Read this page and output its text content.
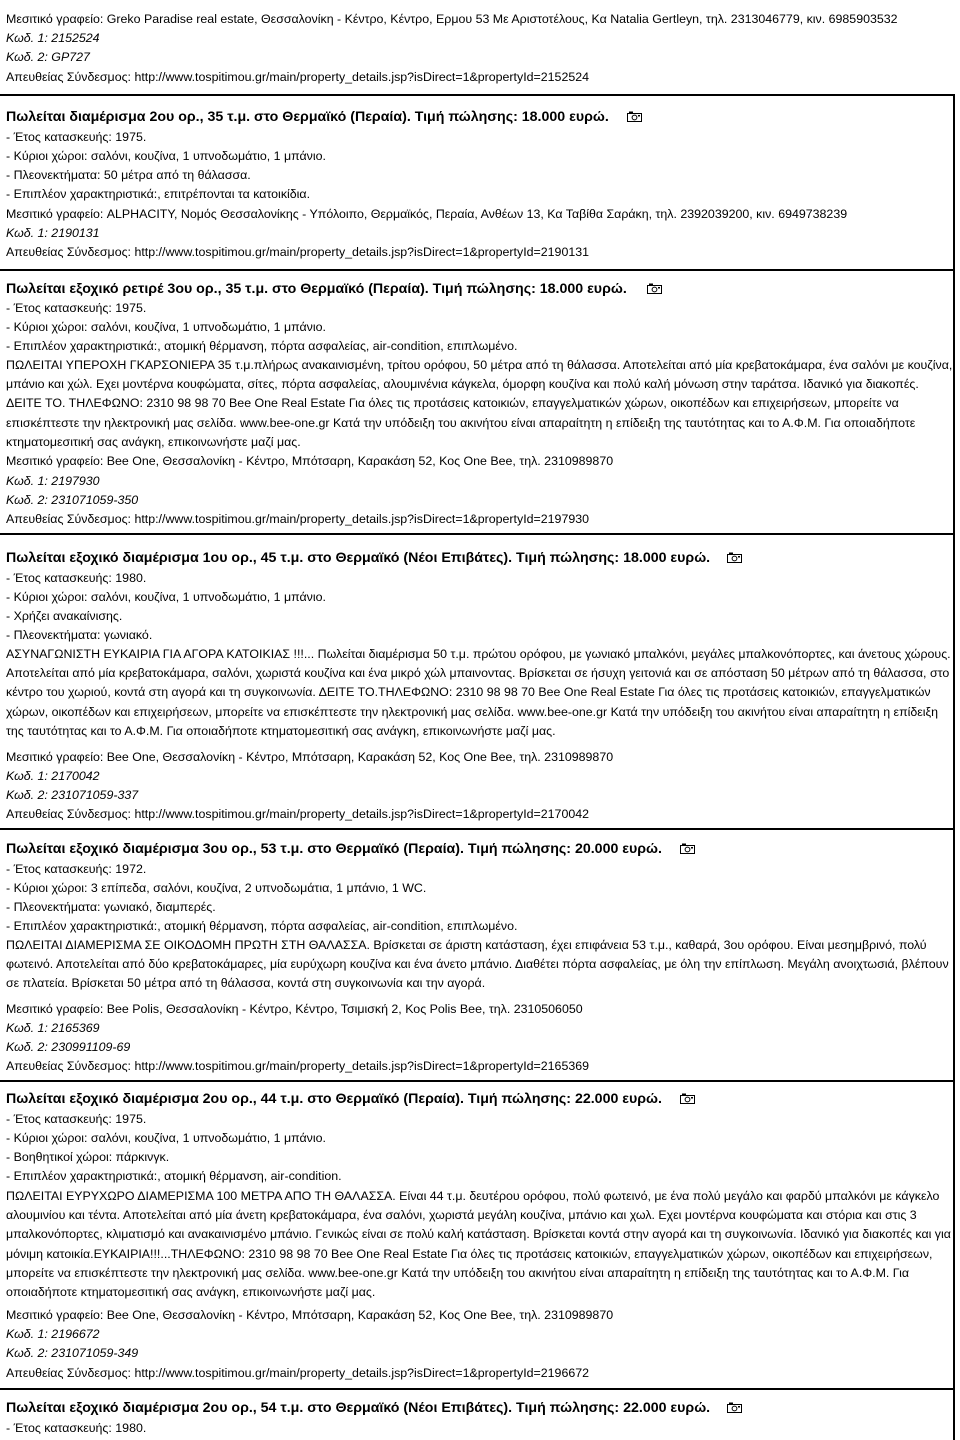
Μεσιτικό γραφείο: Greko Paradise real estate, Θεσσαλονίκη - Κέντρο, Κέντρο, Ερμου 53 Με Αριστοτέλους, Κα Natalia Gertleyn, τηλ. 2313046779, κιν. 6985903532
Κωδ. 1: 2152524
Κωδ. 2: GP727
Απευθείας Σύνδεσμος: http://www.tospitimou.gr/main/property_details.jsp?isDirect=1&propertyId=2152524
Πωλείται διαμέρισμα 2ου ορ., 35 τ.μ. στο Θερμαϊκό (Περαία). Τιμή πώλησης: 18.000 ευρώ.
- Έτος κατασκευής: 1975.
- Κύριοι χώροι: σαλόνι, κουζίνα, 1 υπνοδωμάτιο, 1 μπάνιο.
- Πλεονεκτήματα: 50 μέτρα από τη θάλασσα.
- Επιπλέον χαρακτηριστικά:, επιτρέπονται τα κατοικίδια.
Μεσιτικό γραφείο: ALPHACITY, Νομός Θεσσαλονίκης - Υπόλοιπο, Θερμαϊκός, Περαία, Ανθέων 13, Κα Ταβίθα Σαράκη, τηλ. 2392039200, κιν. 6949738239
Κωδ. 1: 2190131
Απευθείας Σύνδεσμος: http://www.tospitimou.gr/main/property_details.jsp?isDirect=1&propertyId=2190131
Πωλείται εξοχικό ρετιρέ 3ου ορ., 35 τ.μ. στο Θερμαϊκό (Περαία). Τιμή πώλησης: 18.000 ευρώ.
- Έτος κατασκευής: 1975.
- Κύριοι χώροι: σαλόνι, κουζίνα, 1 υπνοδωμάτιο, 1 μπάνιο.
- Επιπλέον χαρακτηριστικά:, ατομική θέρμανση, πόρτα ασφαλείας, air-condition, επιπλωμένο.
ΠΩΛΕΙΤΑΙ ΥΠΕΡΟΧΗ ΓΚΑΡΣΟΝΙΕΡΑ 35 τ.μ.πλήρως ανακαινισμένη, τρίτου ορόφου, 50 μέτρα από τη θάλασσα. Αποτελείται από μία κρεβατοκάμαρα, ένα σαλόνι με κουζίνα, μπάνιο και χώλ. Εχει μοντέρνα κουφώματα, σίτες, πόρτα ασφαλείας, αλουμινένια κάγκελα, όμορφη κουζίνα και πολύ καλή μόνωση στην ταράτσα. Ιδανικό για διακοπές. ΔΕΙΤΕ ΤΟ. ΤΗΛΕΦΩΝΟ: 2310 98 98 70 Bee One Real Estate Για όλες τις προτάσεις κατοικιών, επαγγελματικών χώρων, οικοπέδων και επιχειρήσεων, μπορείτε να επισκέπτεστε την ηλεκτρονική μας σελίδα. www.bee-one.gr Κατά την υπόδειξη του ακινήτου είναι απαραίτητη η επίδειξη της ταυτότητας και το Α.Φ.Μ. Για οποιαδήποτε κτηματομεσιτική σας ανάγκη, επικοινωνήστε μαζί μας.
Μεσιτικό γραφείο: Bee One, Θεσσαλονίκη - Κέντρο, Μπότσαρη, Καρακάση 52, Κος One Bee, τηλ. 2310989870
Κωδ. 1: 2197930
Κωδ. 2: 231071059-350
Απευθείας Σύνδεσμος: http://www.tospitimou.gr/main/property_details.jsp?isDirect=1&propertyId=2197930
Πωλείται εξοχικό διαμέρισμα 1ου ορ., 45 τ.μ. στο Θερμαϊκό (Νέοι Επιβάτες). Τιμή πώλησης: 18.000 ευρώ.
- Έτος κατασκευής: 1980.
- Κύριοι χώροι: σαλόνι, κουζίνα, 1 υπνοδωμάτιο, 1 μπάνιο.
- Χρήζει ανακαίνισης.
- Πλεονεκτήματα: γωνιακό.
ΑΣΥΝΑΓΩΝΙΣΤΗ ΕΥΚΑΙΡΙΑ ΓΙΑ ΑΓΟΡΑ ΚΑΤΟΙΚΙΑΣ !!!... Πωλείται διαμέρισμα 50 τ.μ. πρώτου ορόφου, με γωνιακό μπαλκόνι, μεγάλες μπαλκονόπορτες, και άνετους χώρους. Αποτελείται από μία κρεβατοκάμαρα, σαλόνι, χωριστά κουζίνα και ένα μικρό χώλ μπαινοντας. Βρίσκεται σε ήσυχη γειτονιά και σε απόσταση 50 μέτρων από τη θάλασσα, στο κέντρο του χωριού, κοντά στη αγορά και τη συγκοινωνία. ΔΕΙΤΕ ΤΟ.ΤΗΛΕΦΩΝΟ: 2310 98 98 70 Bee One Real Estate Για όλες τις προτάσεις κατοικιών, επαγγελματικών χώρων, οικοπέδων και επιχειρήσεων, μπορείτε να επισκέπτεστε την ηλεκτρονική μας σελίδα. www.bee-one.gr Κατά την υπόδειξη του ακινήτου είναι απαραίτητη η επίδειξη της ταυτότητας και το Α.Φ.Μ. Για οποιαδήποτε κτηματομεσιτική σας ανάγκη, επικοινωνήστε μαζί μας.
Μεσιτικό γραφείο: Bee One, Θεσσαλονίκη - Κέντρο, Μπότσαρη, Καρακάση 52, Κος One Bee, τηλ. 2310989870
Κωδ. 1: 2170042
Κωδ. 2: 231071059-337
Απευθείας Σύνδεσμος: http://www.tospitimou.gr/main/property_details.jsp?isDirect=1&propertyId=2170042
Πωλείται εξοχικό διαμέρισμα 3ου ορ., 53 τ.μ. στο Θερμαϊκό (Περαία). Τιμή πώλησης: 20.000 ευρώ.
- Έτος κατασκευής: 1972.
- Κύριοι χώροι: 3 επίπεδα, σαλόνι, κουζίνα, 2 υπνοδωμάτια, 1 μπάνιο, 1 WC.
- Πλεονεκτήματα: γωνιακό, διαμπερές.
- Επιπλέον χαρακτηριστικά:, ατομική θέρμανση, πόρτα ασφαλείας, air-condition, επιπλωμένο.
ΠΩΛΕΙΤΑΙ ΔΙΑΜΕΡΙΣΜΑ ΣΕ ΟΙΚΟΔΟΜΗ ΠΡΩΤΗ ΣΤΗ ΘΑΛΑΣΣΑ. Βρίσκεται σε άριστη κατάσταση, έχει επιφάνεια 53 τ.μ., καθαρά, 3ου ορόφου. Είναι μεσημβρινό, πολύ φωτεινό. Αποτελείται από δύο κρεβατοκάμαρες, μία ευρύχωρη κουζίνα και ένα άνετο μπάνιο. Διαθέτει πόρτα ασφαλείας, με όλη την επίπλωση. Μεγάλη ανοιχτωσιά, βλέπουν σε πλατεία. Βρίσκεται 50 μέτρα από τη θάλασσα, κοντά στη συγκοινωνία και την αγορά.
Μεσιτικό γραφείο: Bee Polis, Θεσσαλονίκη - Κέντρο, Κέντρο, Τσιμισκή 2, Κος Polis Bee, τηλ. 2310506050
Κωδ. 1: 2165369
Κωδ. 2: 230991109-69
Απευθείας Σύνδεσμος: http://www.tospitimou.gr/main/property_details.jsp?isDirect=1&propertyId=2165369
Πωλείται εξοχικό διαμέρισμα 2ου ορ., 44 τ.μ. στο Θερμαϊκό (Περαία). Τιμή πώλησης: 22.000 ευρώ.
- Έτος κατασκευής: 1975.
- Κύριοι χώροι: σαλόνι, κουζίνα, 1 υπνοδωμάτιο, 1 μπάνιο.
- Βοηθητικοί χώροι: πάρκινγκ.
- Επιπλέον χαρακτηριστικά:, ατομική θέρμανση, air-condition.
ΠΩΛΕΙΤΑΙ ΕΥΡΥΧΩΡΟ ΔΙΑΜΕΡΙΣΜΑ 100 ΜΕΤΡΑ ΑΠΟ ΤΗ ΘΑΛΑΣΣΑ. Είναι 44 τ.μ. δευτέρου ορόφου, πολύ φωτεινό, με ένα πολύ μεγάλο και φαρδύ μπαλκόνι με κάγκελο αλουμινίου και τέντα. Αποτελείται από μία άνετη κρεβατοκάμαρα, ένα σαλόνι, χωριστά μεγάλη κουζίνα, μπάνιο και χωλ. Εχει μοντέρνα κουφώματα και στόρια και στις 3 μπαλκονόπορτες, κλιματισμό και ανακαινισμένο μπάνιο. Γενικώς είναι σε πολύ καλή κατάσταση. Βρίσκεται κοντά στην αγορά και τη συγκοινωνία. Ιδανικό για διακοπές και για μόνιμη κατοικία.ΕΥΚΑΙΡΙΑ!!!...ΤΗΛΕΦΩΝΟ: 2310 98 98 70 Bee One Real Estate Για όλες τις προτάσεις κατοικιών, επαγγελματικών χώρων, οικοπέδων και επιχειρήσεων, μπορείτε να επισκέπτεστε την ηλεκτρονική μας σελίδα. www.bee-one.gr Κατά την υπόδειξη του ακινήτου είναι απαραίτητη η επίδειξη της ταυτότητας και το Α.Φ.Μ. Για οποιαδήποτε κτηματομεσιτική σας ανάγκη, επικοινωνήστε μαζί μας.
Μεσιτικό γραφείο: Bee One, Θεσσαλονίκη - Κέντρο, Μπότσαρη, Καρακάση 52, Κος One Bee, τηλ. 2310989870
Κωδ. 1: 2196672
Κωδ. 2: 231071059-349
Απευθείας Σύνδεσμος: http://www.tospitimou.gr/main/property_details.jsp?isDirect=1&propertyId=2196672
Πωλείται εξοχικό διαμέρισμα 2ου ορ., 54 τ.μ. στο Θερμαϊκό (Νέοι Επιβάτες). Τιμή πώλησης: 22.000 ευρώ.
- Έτος κατασκευής: 1980.
